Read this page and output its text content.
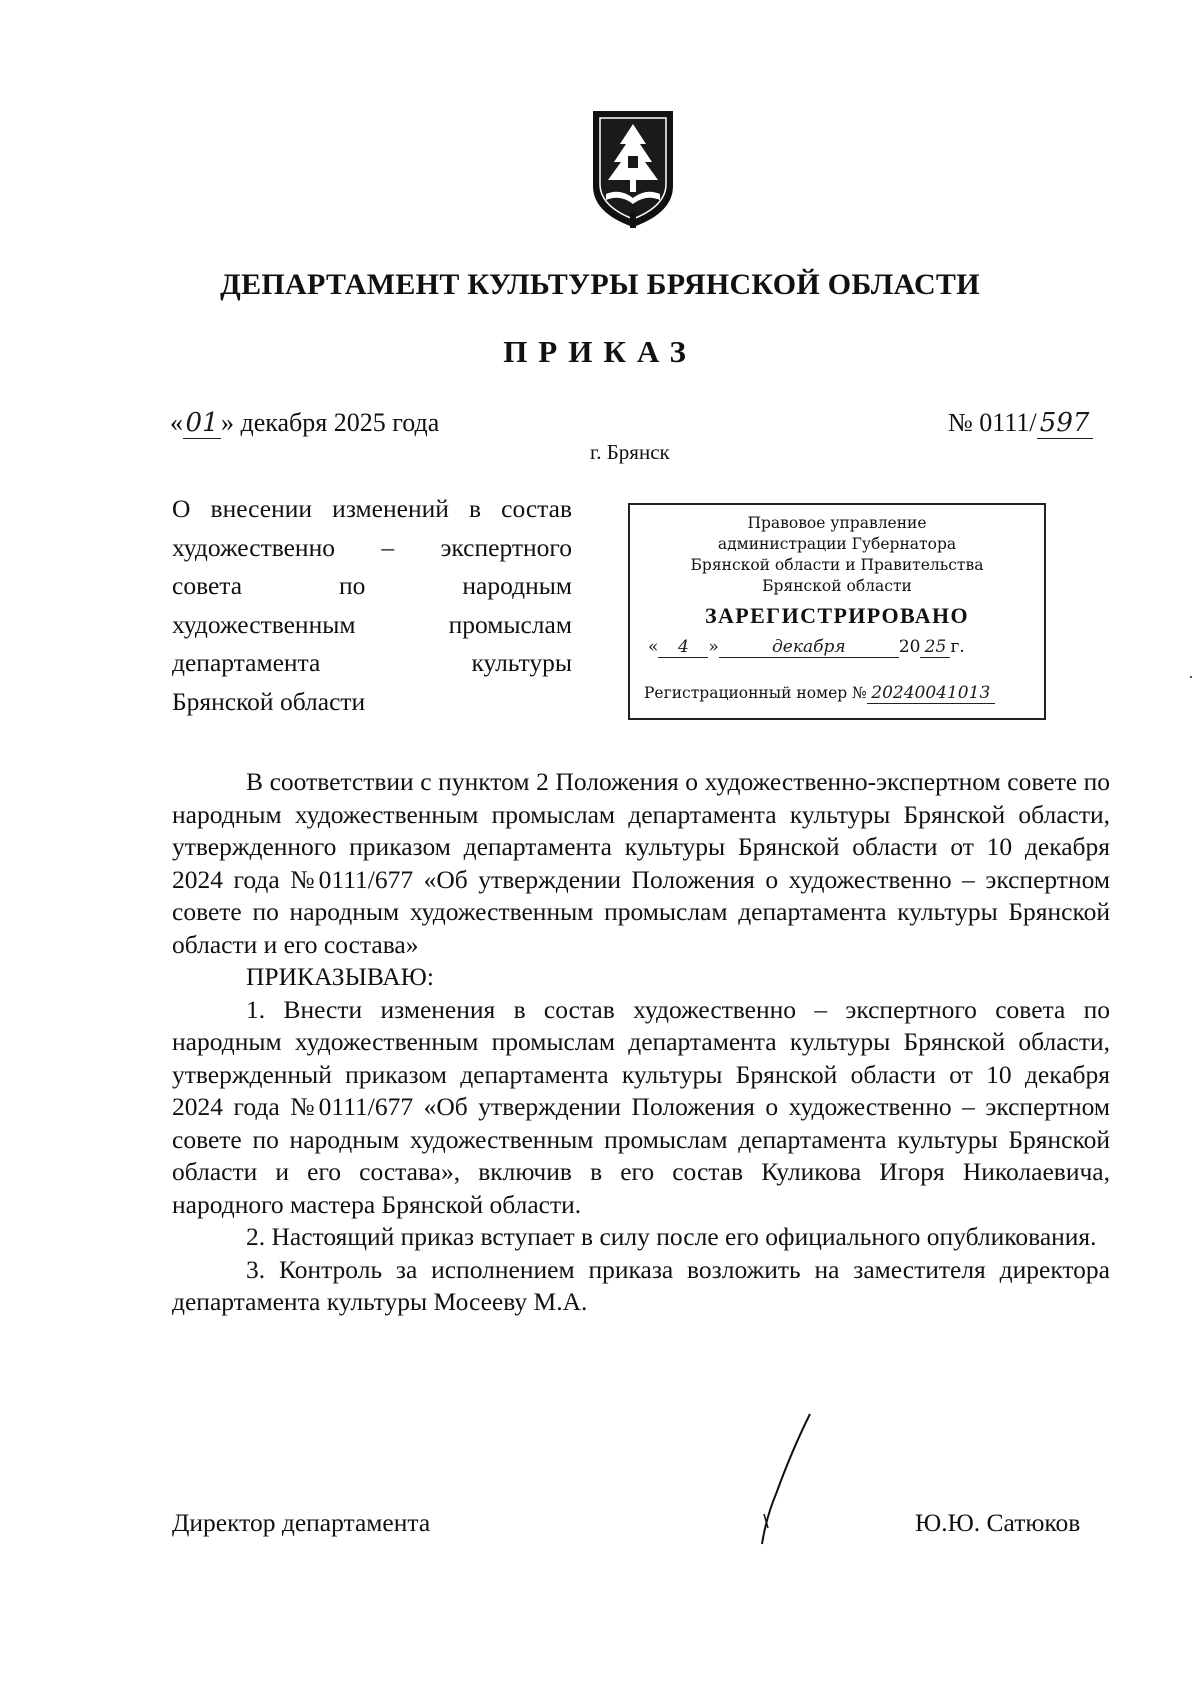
ДЕПАРТАМЕНТ КУЛЬТУРЫ БРЯНСКОЙ ОБЛАСТИ
ПРИКАЗ
«01» декабря 2025 года	№ 0111/ 597
г. Брянск
О внесении изменений в состав
художественно – экспертного
совета	по	народным
художественным	промыслам
департамента	культуры
Брянской области
Правовое управление
администрации Губернатора
Брянской области и Правительства
Брянской области
ЗАРЕГИСТРИРОВАНО
« 4 »	декабря	20 25 г.
Регистрационный номер № 20240041013

В соответствии с пунктом 2 Положения о художественно-экспертном совете по народным художественным промыслам департамента культуры Брянской области, утвержденного приказом департамента культуры Брянской области от 10 декабря 2024 года №0111/677 «Об утверждении Положения о художественно – экспертном совете по народным художественным промыслам департамента культуры Брянской области и его состава»

ПРИКАЗЫВАЮ:

1. Внести изменения в состав художественно – экспертного совета по народным художественным промыслам департамента культуры Брянской области, утвержденный приказом департамента культуры Брянской области от 10 декабря 2024 года №0111/677 «Об утверждении Положения о художественно – экспертном совете по народным художественным промыслам департамента культуры Брянской области и его состава», включив в его состав Куликова Игоря Николаевича, народного мастера Брянской области.

2. Настоящий приказ вступает в силу после его официального опубликования.

3. Контроль за исполнением приказа возложить на заместителя директора департамента культуры Мосееву М.А.

Директор департамента	Ю.Ю. Сатюков
